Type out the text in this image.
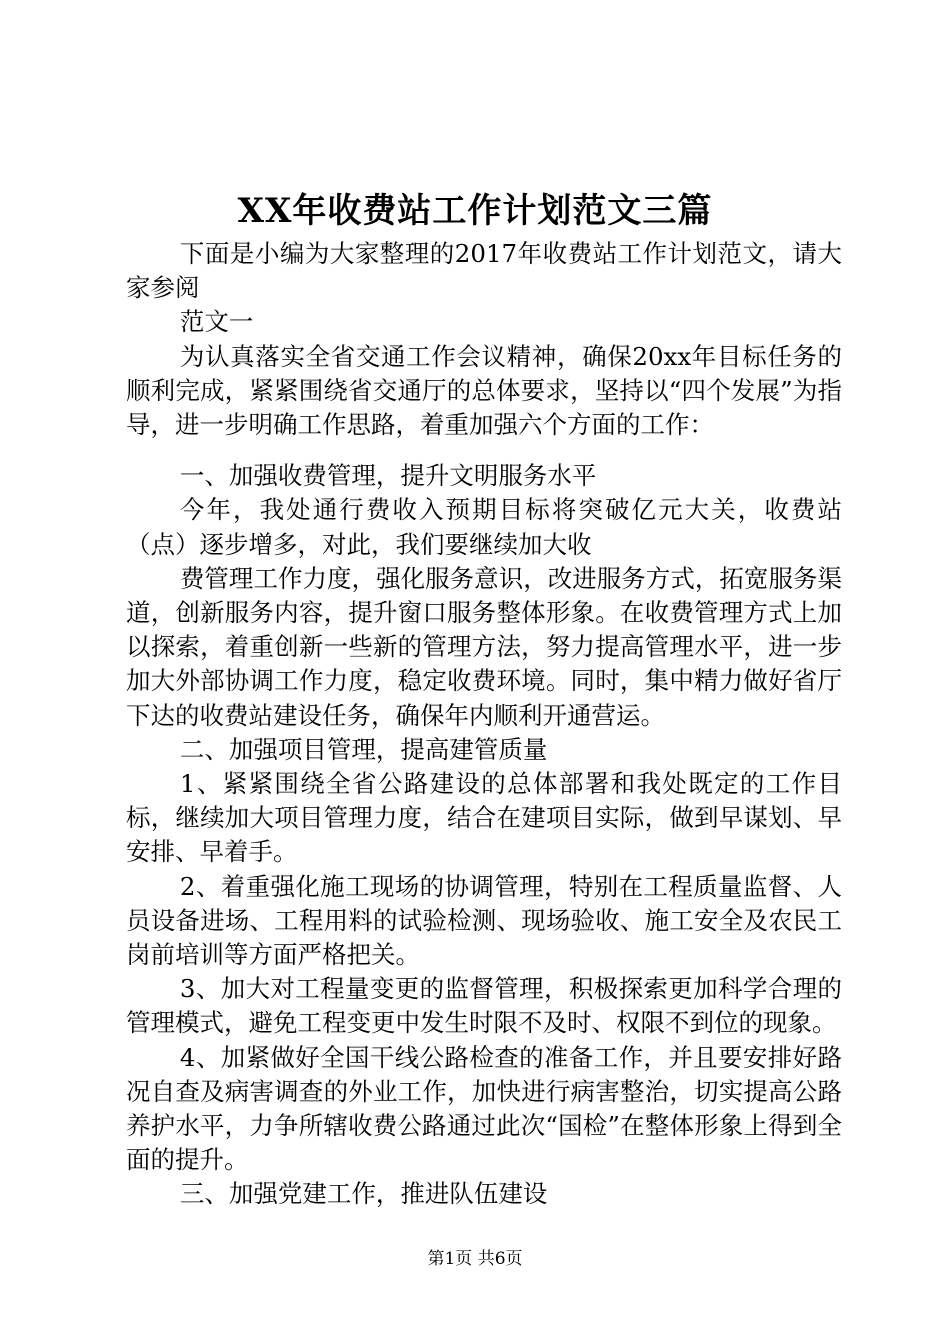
XX年收费站工作计划范文三篇

下面是小编为大家整理的2017年收费站工作计划范文，请大家参阅

范文一

为认真落实全省交通工作会议精神，确保20xx年目标任务的顺利完成，紧紧围绕省交通厅的总体要求，坚持以“四个发展”为指导，进一步明确工作思路，着重加强六个方面的工作：

一、加强收费管理，提升文明服务水平

今年，我处通行费收入预期目标将突破亿元大关，收费站（点）逐步增多，对此，我们要继续加大收

费管理工作力度，强化服务意识，改进服务方式，拓宽服务渠道，创新服务内容，提升窗口服务整体形象。在收费管理方式上加以探索，着重创新一些新的管理方法，努力提高管理水平，进一步加大外部协调工作力度，稳定收费环境。同时，集中精力做好省厅下达的收费站建设任务，确保年内顺利开通营运。

二、加强项目管理，提高建管质量

1、紧紧围绕全省公路建设的总体部署和我处既定的工作目标，继续加大项目管理力度，结合在建项目实际，做到早谋划、早安排、早着手。

2、着重强化施工现场的协调管理，特别在工程质量监督、人员设备进场、工程用料的试验检测、现场验收、施工安全及农民工岗前培训等方面严格把关。

3、加大对工程量变更的监督管理，积极探索更加科学合理的管理模式，避免工程变更中发生时限不及时、权限不到位的现象。

4、加紧做好全国干线公路检查的准备工作，并且要安排好路况自查及病害调查的外业工作，加快进行病害整治，切实提高公路养护水平，力争所辖收费公路通过此次“国检”在整体形象上得到全面的提升。

三、加强党建工作，推进队伍建设

第1页 共6页
